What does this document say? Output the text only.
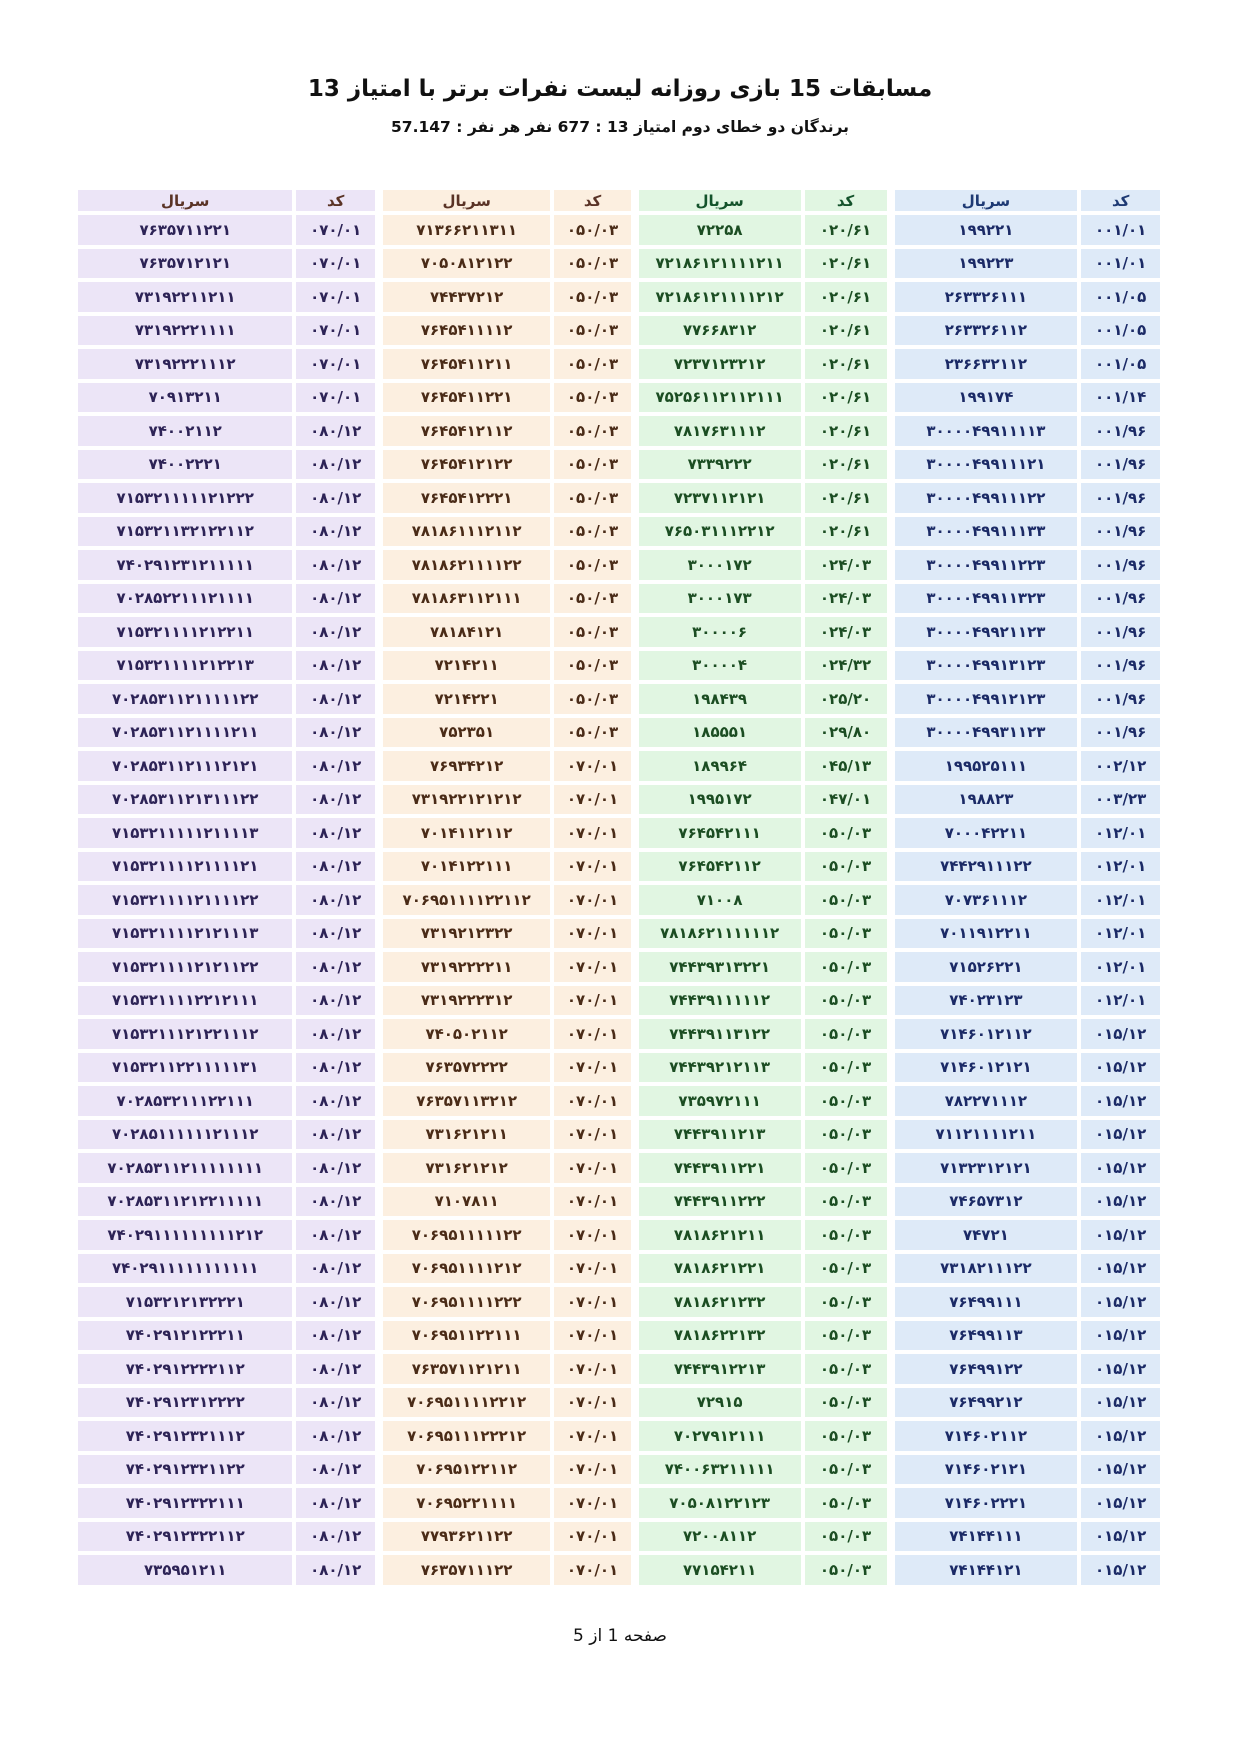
مسابقات 15 بازی روزانه لیست نفرات برتر با امتیاز 13
برندگان دو خطای دوم امتیاز 13 : 677 نفر هر نفر : 57.147
کد	سریال
۰۰۱/۰۱	۱۹۹۲۲۱
۰۰۱/۰۱	۱۹۹۲۲۳
۰۰۱/۰۵	۲۶۳۳۲۶۱۱۱
۰۰۱/۰۵	۲۶۳۳۲۶۱۱۲
۰۰۱/۰۵	۲۳۶۶۳۲۱۱۲
۰۰۱/۱۴	۱۹۹۱۷۴
۰۰۱/۹۶	۳۰۰۰۰۴۹۹۱۱۱۱۳
۰۰۱/۹۶	۳۰۰۰۰۴۹۹۱۱۱۲۱
۰۰۱/۹۶	۳۰۰۰۰۴۹۹۱۱۱۲۲
۰۰۱/۹۶	۳۰۰۰۰۴۹۹۱۱۱۳۳
۰۰۱/۹۶	۳۰۰۰۰۴۹۹۱۱۲۲۳
۰۰۱/۹۶	۳۰۰۰۰۴۹۹۱۱۳۲۳
۰۰۱/۹۶	۳۰۰۰۰۴۹۹۲۱۱۲۳
۰۰۱/۹۶	۳۰۰۰۰۴۹۹۱۳۱۲۳
۰۰۱/۹۶	۳۰۰۰۰۴۹۹۱۲۱۲۳
۰۰۱/۹۶	۳۰۰۰۰۴۹۹۳۱۱۲۳
۰۰۲/۱۲	۱۹۹۵۲۵۱۱۱
۰۰۳/۲۳	۱۹۸۸۲۳
۰۱۲/۰۱	۷۰۰۰۴۲۲۱۱
۰۱۲/۰۱	۷۴۴۲۹۱۱۱۲۲
۰۱۲/۰۱	۷۰۷۳۶۱۱۱۲
۰۱۲/۰۱	۷۰۱۱۹۱۲۲۱۱
۰۱۲/۰۱	۷۱۵۲۶۲۲۱
۰۱۲/۰۱	۷۴۰۲۳۱۲۳
۰۱۵/۱۲	۷۱۴۶۰۱۲۱۱۲
۰۱۵/۱۲	۷۱۴۶۰۱۲۱۲۱
۰۱۵/۱۲	۷۸۲۲۷۱۱۱۲
۰۱۵/۱۲	۷۱۱۲۱۱۱۱۲۱۱
۰۱۵/۱۲	۷۱۳۲۳۱۲۱۲۱
۰۱۵/۱۲	۷۴۶۵۷۳۱۲
۰۱۵/۱۲	۷۴۷۲۱
۰۱۵/۱۲	۷۳۱۸۲۱۱۱۲۲
۰۱۵/۱۲	۷۶۴۹۹۱۱۱
۰۱۵/۱۲	۷۶۴۹۹۱۱۳
۰۱۵/۱۲	۷۶۴۹۹۱۲۲
۰۱۵/۱۲	۷۶۴۹۹۲۱۲
۰۱۵/۱۲	۷۱۴۶۰۲۱۱۲
۰۱۵/۱۲	۷۱۴۶۰۲۱۲۱
۰۱۵/۱۲	۷۱۴۶۰۲۲۲۱
۰۱۵/۱۲	۷۴۱۴۴۱۱۱
۰۱۵/۱۲	۷۴۱۴۴۱۲۱
کد	سریال
۰۲۰/۶۱	۷۲۲۵۸
۰۲۰/۶۱	۷۲۱۸۶۱۲۱۱۱۱۲۱۱
۰۲۰/۶۱	۷۲۱۸۶۱۲۱۱۱۱۲۱۲
۰۲۰/۶۱	۷۷۶۶۸۳۱۲
۰۲۰/۶۱	۷۲۳۷۱۲۳۲۱۲
۰۲۰/۶۱	۷۵۲۵۶۱۱۲۱۱۲۱۱۱
۰۲۰/۶۱	۷۸۱۷۶۳۱۱۱۲
۰۲۰/۶۱	۷۳۳۹۲۲۲
۰۲۰/۶۱	۷۲۳۷۱۱۲۱۲۱
۰۲۰/۶۱	۷۶۵۰۳۱۱۱۲۲۱۲
۰۲۴/۰۳	۳۰۰۰۱۷۲
۰۲۴/۰۳	۳۰۰۰۱۷۳
۰۲۴/۰۳	۳۰۰۰۰۶
۰۲۴/۳۲	۳۰۰۰۰۴
۰۲۵/۲۰	۱۹۸۴۳۹
۰۲۹/۸۰	۱۸۵۵۵۱
۰۴۵/۱۳	۱۸۹۹۶۴
۰۴۷/۰۱	۱۹۹۵۱۷۲
۰۵۰/۰۳	۷۶۴۵۴۲۱۱۱
۰۵۰/۰۳	۷۶۴۵۴۲۱۱۲
۰۵۰/۰۳	۷۱۰۰۸
۰۵۰/۰۳	۷۸۱۸۶۲۱۱۱۱۱۱۲
۰۵۰/۰۳	۷۴۴۳۹۳۱۳۲۲۱
۰۵۰/۰۳	۷۴۴۳۹۱۱۱۱۱۲
۰۵۰/۰۳	۷۴۴۳۹۱۱۳۱۲۲
۰۵۰/۰۳	۷۴۴۳۹۲۱۲۱۱۳
۰۵۰/۰۳	۷۳۵۹۷۲۱۱۱
۰۵۰/۰۳	۷۴۴۳۹۱۱۲۱۳
۰۵۰/۰۳	۷۴۴۳۹۱۱۲۲۱
۰۵۰/۰۳	۷۴۴۳۹۱۱۲۲۲
۰۵۰/۰۳	۷۸۱۸۶۲۱۲۱۱
۰۵۰/۰۳	۷۸۱۸۶۲۱۲۲۱
۰۵۰/۰۳	۷۸۱۸۶۲۱۲۳۲
۰۵۰/۰۳	۷۸۱۸۶۲۲۱۳۲
۰۵۰/۰۳	۷۴۴۳۹۱۲۲۱۳
۰۵۰/۰۳	۷۲۹۱۵
۰۵۰/۰۳	۷۰۲۷۹۱۲۱۱۱
۰۵۰/۰۳	۷۴۰۰۶۳۲۱۱۱۱۱
۰۵۰/۰۳	۷۰۵۰۸۱۲۲۱۲۳
۰۵۰/۰۳	۷۲۰۰۸۱۱۲
۰۵۰/۰۳	۷۷۱۵۴۲۱۱
کد	سریال
۰۵۰/۰۳	۷۱۳۶۶۲۱۱۳۱۱
۰۵۰/۰۳	۷۰۵۰۸۱۲۱۲۲
۰۵۰/۰۳	۷۴۴۳۷۲۱۲
۰۵۰/۰۳	۷۶۴۵۴۱۱۱۱۲
۰۵۰/۰۳	۷۶۴۵۴۱۱۲۱۱
۰۵۰/۰۳	۷۶۴۵۴۱۱۲۲۱
۰۵۰/۰۳	۷۶۴۵۴۱۲۱۱۲
۰۵۰/۰۳	۷۶۴۵۴۱۲۱۲۲
۰۵۰/۰۳	۷۶۴۵۴۱۲۲۲۱
۰۵۰/۰۳	۷۸۱۸۶۱۱۱۲۱۱۲
۰۵۰/۰۳	۷۸۱۸۶۲۱۱۱۱۲۲
۰۵۰/۰۳	۷۸۱۸۶۳۱۱۲۱۱۱
۰۵۰/۰۳	۷۸۱۸۴۱۲۱
۰۵۰/۰۳	۷۲۱۴۲۱۱
۰۵۰/۰۳	۷۲۱۴۲۲۱
۰۵۰/۰۳	۷۵۲۳۵۱
۰۷۰/۰۱	۷۶۹۳۴۲۱۲
۰۷۰/۰۱	۷۳۱۹۲۲۱۲۱۲۱۲
۰۷۰/۰۱	۷۰۱۴۱۱۲۱۱۲
۰۷۰/۰۱	۷۰۱۴۱۲۲۱۱۱
۰۷۰/۰۱	۷۰۶۹۵۱۱۱۱۲۲۱۱۲
۰۷۰/۰۱	۷۳۱۹۲۱۲۳۲۲
۰۷۰/۰۱	۷۳۱۹۲۲۲۲۱۱
۰۷۰/۰۱	۷۳۱۹۲۲۲۳۱۲
۰۷۰/۰۱	۷۴۰۵۰۲۱۱۲
۰۷۰/۰۱	۷۶۳۵۷۲۲۲۲
۰۷۰/۰۱	۷۶۳۵۷۱۱۳۲۱۲
۰۷۰/۰۱	۷۳۱۶۲۱۲۱۱
۰۷۰/۰۱	۷۳۱۶۲۱۲۱۲
۰۷۰/۰۱	۷۱۰۷۸۱۱
۰۷۰/۰۱	۷۰۶۹۵۱۱۱۱۱۲۲
۰۷۰/۰۱	۷۰۶۹۵۱۱۱۱۲۱۲
۰۷۰/۰۱	۷۰۶۹۵۱۱۱۱۲۲۲
۰۷۰/۰۱	۷۰۶۹۵۱۱۲۲۱۱۱
۰۷۰/۰۱	۷۶۳۵۷۱۱۲۱۲۱۱
۰۷۰/۰۱	۷۰۶۹۵۱۱۱۱۲۲۱۲
۰۷۰/۰۱	۷۰۶۹۵۱۱۱۲۲۲۱۲
۰۷۰/۰۱	۷۰۶۹۵۱۲۲۱۱۲
۰۷۰/۰۱	۷۰۶۹۵۲۲۱۱۱۱
۰۷۰/۰۱	۷۷۹۳۶۲۱۱۲۲
۰۷۰/۰۱	۷۶۳۵۷۱۱۱۲۲
کد	سریال
۰۷۰/۰۱	۷۶۳۵۷۱۱۲۲۱
۰۷۰/۰۱	۷۶۳۵۷۱۲۱۲۱
۰۷۰/۰۱	۷۳۱۹۲۲۱۱۲۱۱
۰۷۰/۰۱	۷۳۱۹۲۲۲۱۱۱۱
۰۷۰/۰۱	۷۳۱۹۲۲۲۱۱۱۲
۰۷۰/۰۱	۷۰۹۱۳۲۱۱
۰۸۰/۱۲	۷۴۰۰۲۱۱۲
۰۸۰/۱۲	۷۴۰۰۲۲۲۱
۰۸۰/۱۲	۷۱۵۳۲۱۱۱۱۱۲۱۲۲۲
۰۸۰/۱۲	۷۱۵۳۲۱۱۳۲۱۲۲۱۱۲
۰۸۰/۱۲	۷۴۰۲۹۱۲۳۱۲۱۱۱۱۱
۰۸۰/۱۲	۷۰۲۸۵۲۲۱۱۱۲۱۱۱۱
۰۸۰/۱۲	۷۱۵۳۲۱۱۱۱۲۱۲۲۱۱
۰۸۰/۱۲	۷۱۵۳۲۱۱۱۱۲۱۲۲۱۳
۰۸۰/۱۲	۷۰۲۸۵۳۱۱۲۱۱۱۱۱۲۲
۰۸۰/۱۲	۷۰۲۸۵۳۱۱۲۱۱۱۱۲۱۱
۰۸۰/۱۲	۷۰۲۸۵۳۱۱۲۱۱۱۲۱۲۱
۰۸۰/۱۲	۷۰۲۸۵۳۱۱۲۱۳۱۱۱۲۲
۰۸۰/۱۲	۷۱۵۳۲۱۱۱۱۱۲۱۱۱۱۳
۰۸۰/۱۲	۷۱۵۳۲۱۱۱۱۲۱۱۱۱۲۱
۰۸۰/۱۲	۷۱۵۳۲۱۱۱۱۲۱۱۱۱۲۲
۰۸۰/۱۲	۷۱۵۳۲۱۱۱۱۲۱۲۱۱۱۳
۰۸۰/۱۲	۷۱۵۳۲۱۱۱۱۲۱۲۱۱۲۲
۰۸۰/۱۲	۷۱۵۳۲۱۱۱۱۲۲۱۲۱۱۱
۰۸۰/۱۲	۷۱۵۳۲۱۱۱۲۱۲۲۱۱۱۲
۰۸۰/۱۲	۷۱۵۳۲۱۱۲۲۱۱۱۱۱۳۱
۰۸۰/۱۲	۷۰۲۸۵۳۲۱۱۱۲۲۱۱۱
۰۸۰/۱۲	۷۰۲۸۵۱۱۱۱۱۱۲۱۱۱۲
۰۸۰/۱۲	۷۰۲۸۵۳۱۱۲۱۱۱۱۱۱۱۱
۰۸۰/۱۲	۷۰۲۸۵۳۱۱۲۱۲۲۱۱۱۱۱
۰۸۰/۱۲	۷۴۰۲۹۱۱۱۱۱۱۱۱۱۲۱۲
۰۸۰/۱۲	۷۴۰۲۹۱۱۱۱۱۱۱۱۱۱۱
۰۸۰/۱۲	۷۱۵۳۲۱۲۱۳۲۲۲۱
۰۸۰/۱۲	۷۴۰۲۹۱۲۱۲۲۲۱۱
۰۸۰/۱۲	۷۴۰۲۹۱۲۲۲۲۱۱۲
۰۸۰/۱۲	۷۴۰۲۹۱۲۳۱۲۲۲۲
۰۸۰/۱۲	۷۴۰۲۹۱۲۳۲۱۱۱۲
۰۸۰/۱۲	۷۴۰۲۹۱۲۳۲۱۱۲۲
۰۸۰/۱۲	۷۴۰۲۹۱۲۳۲۲۱۱۱
۰۸۰/۱۲	۷۴۰۲۹۱۲۳۲۲۱۱۲
۰۸۰/۱۲	۷۳۵۹۵۱۲۱۱
صفحه 1 از 5
